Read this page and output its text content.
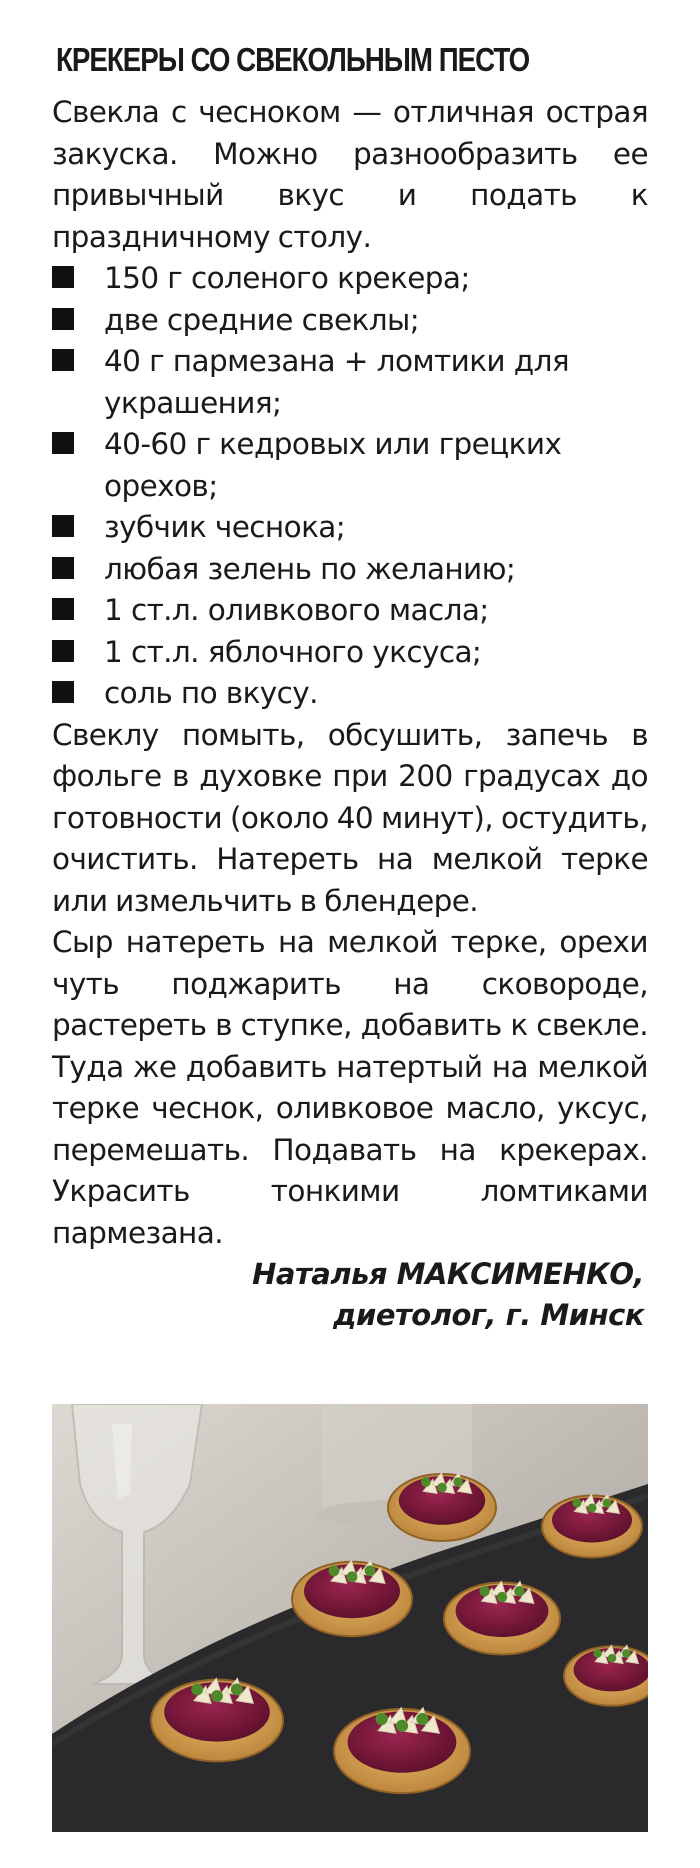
КРЕКЕРЫ СО СВЕКОЛЬНЫМ ПЕСТО

Свекла с чесноком — отличная острая закуска. Можно разнообразить ее привычный вкус и подать к праздничному столу.

150 г соленого крекера;
две средние свеклы;
40 г пармезана + ломтики для украшения;
40-60 г кедровых или грецких орехов;
зубчик чеснока;
любая зелень по желанию;
1 ст.л. оливкового масла;
1 ст.л. яблочного уксуса;
соль по вкусу.

Свеклу помыть, обсушить, запечь в фольге в духовке при 200 градусах до готовности (около 40 минут), остудить, очистить. Натереть на мелкой терке или измельчить в блендере.

Сыр натереть на мелкой терке, орехи чуть поджарить на сковороде, растереть в ступке, добавить к свекле. Туда же добавить натертый на мелкой терке чеснок, оливковое масло, уксус, перемешать. Подавать на крекерах. Украсить тонкими ломтиками пармезана.

Наталья МАКСИМЕНКО,
диетолог, г. Минск
